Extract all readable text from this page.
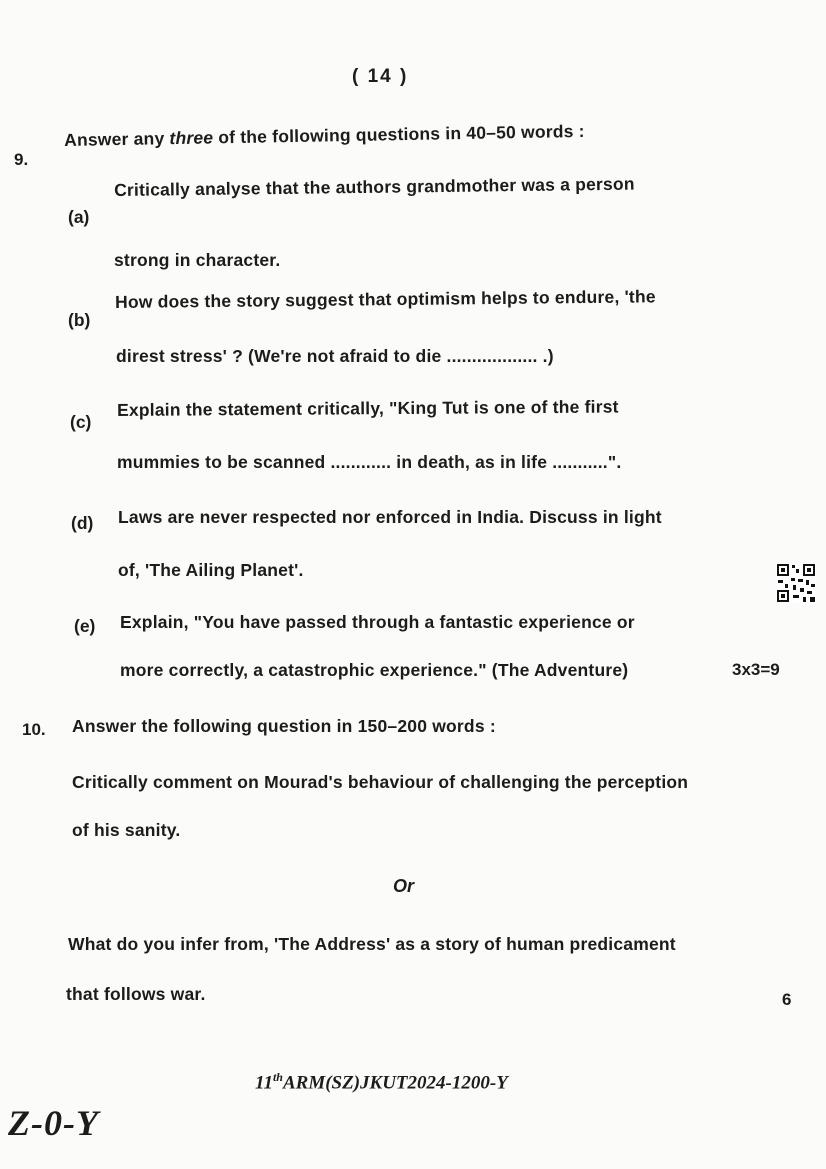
( 14 )
9.
Answer any three of the following questions in 40–50 words :
(a)
Critically analyse that the authors grandmother was a person
strong in character.
(b)
How does the story suggest that optimism helps to endure, 'the
direst stress' ? (We're not afraid to die .................. .)
(c)
Explain the statement critically, "King Tut is one of the first
mummies to be scanned ............ in death, as in life ...........".
(d) Laws are never respected nor enforced in India. Discuss in light
of, 'The Ailing Planet'.
(e) Explain, "You have passed through a fantastic experience or
more correctly, a catastrophic experience." (The Adventure)	3x3=9
10. Answer the following question in 150–200 words :
Critically comment on Mourad's behaviour of challenging the perception
of his sanity.
Or
What do you infer from, 'The Address' as a story of human predicament
that follows war.	6
11thARM(SZ)JKUT2024-1200-Y
Z-0-Y
